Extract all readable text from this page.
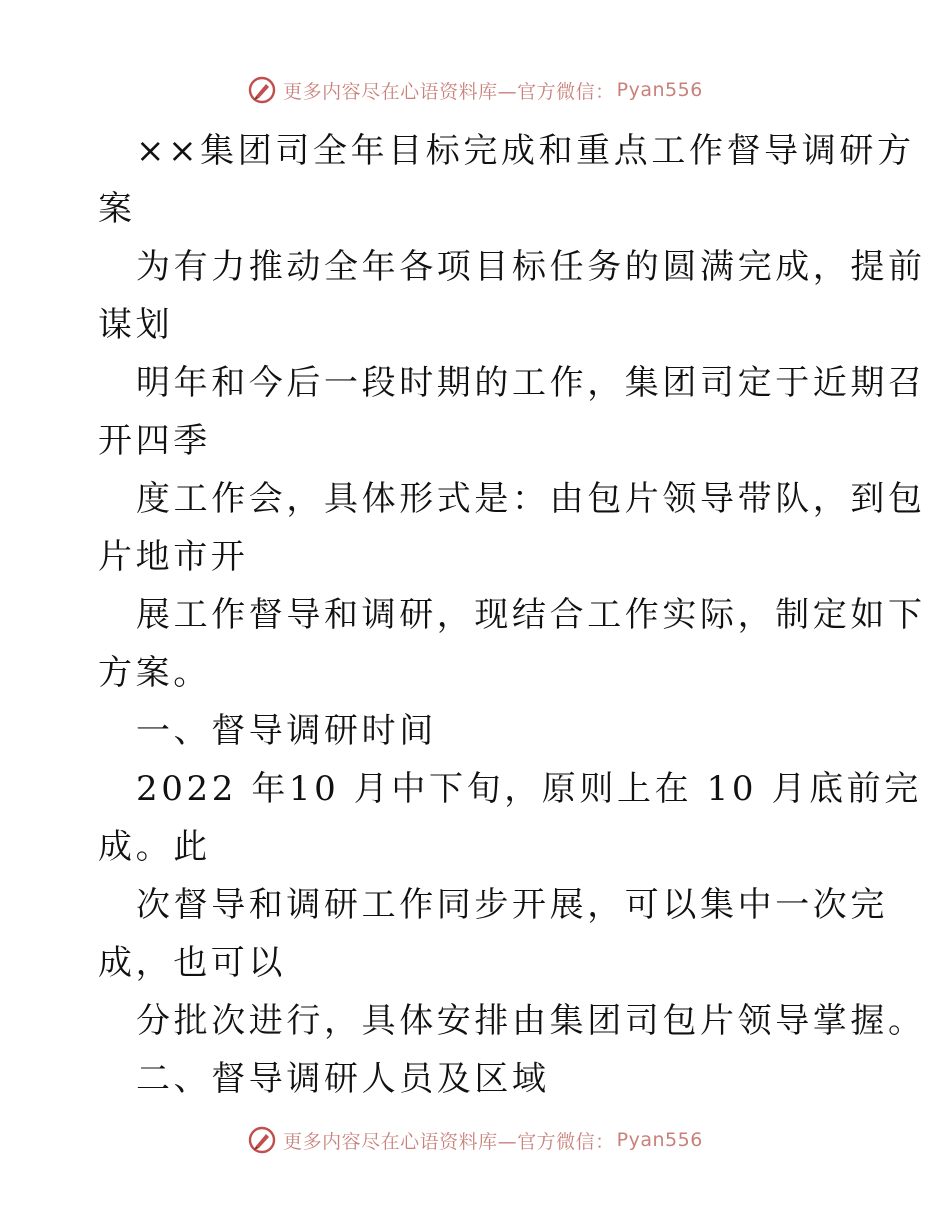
更多内容尽在心语资料库—官方微信： Pyan556
××集团司全年目标完成和重点工作督导调研方
案
为有力推动全年各项目标任务的圆满完成，提前
谋划
明年和今后一段时期的工作，集团司定于近期召
开四季
度工作会，具体形式是：由包片领导带队，到包
片地市开
展工作督导和调研，现结合工作实际，制定如下
方案。
一、督导调研时间
2022 年10 月中下旬，原则上在 10 月底前完
成。此
次督导和调研工作同步开展，可以集中一次完
成，也可以
分批次进行，具体安排由集团司包片领导掌握。
二、督导调研人员及区域
更多内容尽在心语资料库—官方微信： Pyan556
